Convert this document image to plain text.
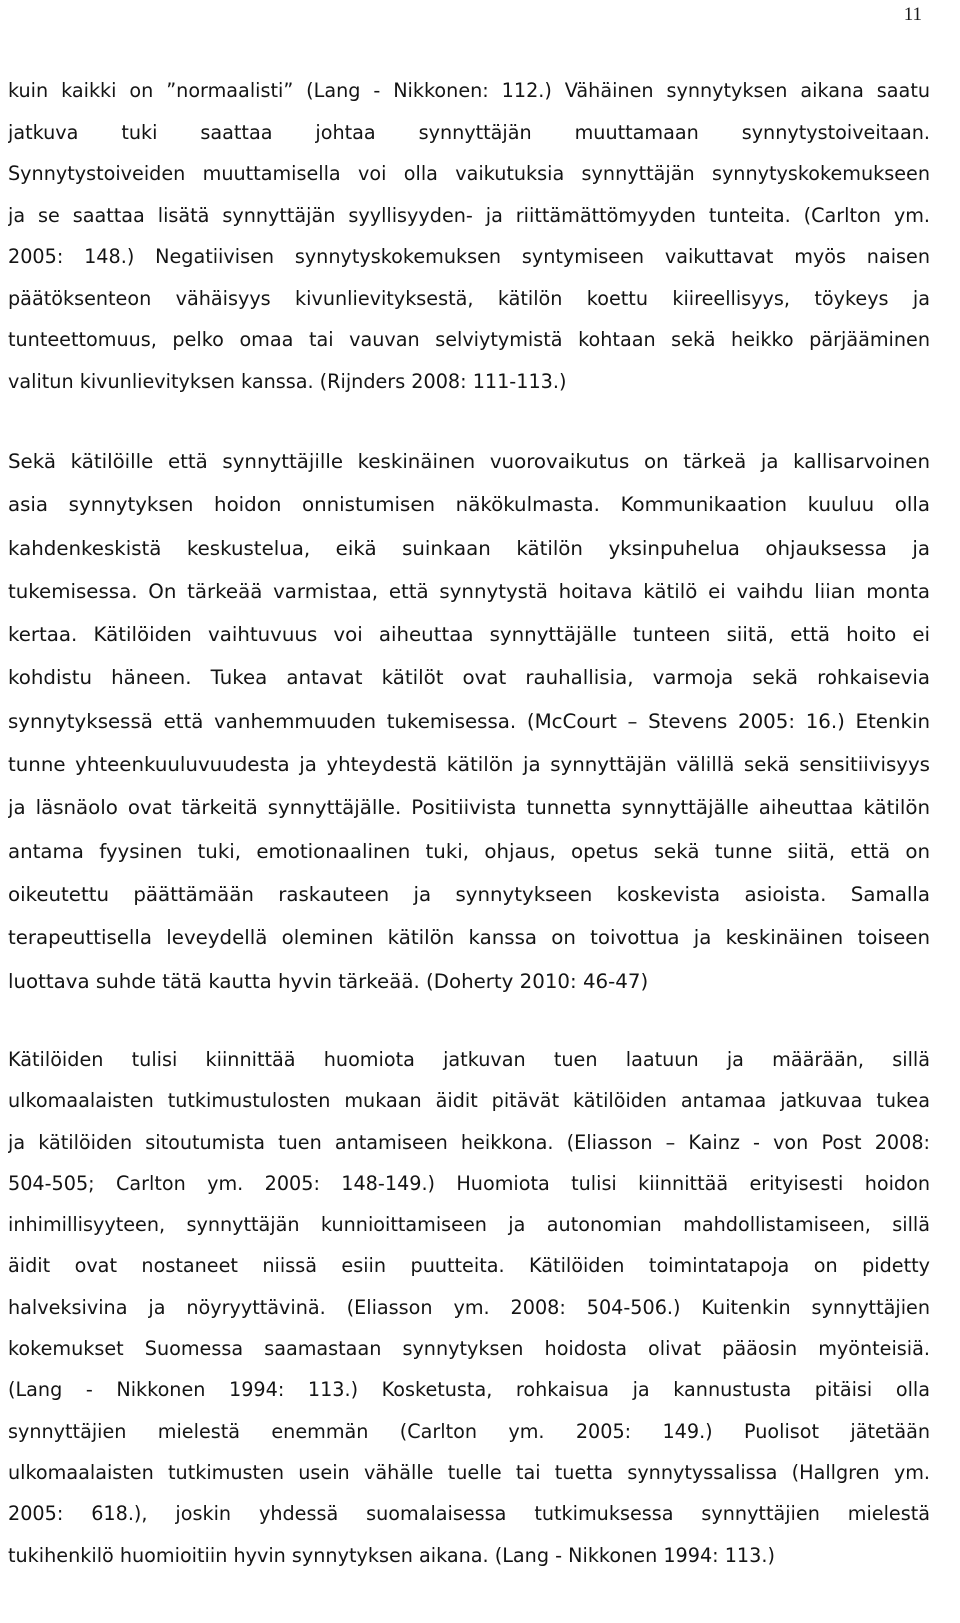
11
kuin kaikki on ”normaalisti” (Lang - Nikkonen: 112.) Vähäinen synnytyksen aikana saatu
jatkuva tuki saattaa johtaa synnyttäjän muuttamaan synnytystoiveitaan.
Synnytystoiveiden muuttamisella voi olla vaikutuksia synnyttäjän synnytyskokemukseen
ja se saattaa lisätä synnyttäjän syyllisyyden- ja riittämättömyyden tunteita. (Carlton ym.
2005: 148.) Negatiivisen synnytyskokemuksen syntymiseen vaikuttavat myös naisen
päätöksenteon vähäisyys kivunlievityksestä, kätilön koettu kiireellisyys, töykeys ja
tunteettomuus, pelko omaa tai vauvan selviytymistä kohtaan sekä heikko pärjääminen
valitun kivunlievityksen kanssa. (Rijnders 2008: 111-113.)
Sekä kätilöille että synnyttäjille keskinäinen vuorovaikutus on tärkeä ja kallisarvoinen
asia synnytyksen hoidon onnistumisen näkökulmasta. Kommunikaation kuuluu olla
kahdenkeskistä keskustelua, eikä suinkaan kätilön yksinpuhelua ohjauksessa ja
tukemisessa. On tärkeää varmistaa, että synnytystä hoitava kätilö ei vaihdu liian monta
kertaa. Kätilöiden vaihtuvuus voi aiheuttaa synnyttäjälle tunteen siitä, että hoito ei
kohdistu häneen. Tukea antavat kätilöt ovat rauhallisia, varmoja sekä rohkaisevia
synnytyksessä että vanhemmuuden tukemisessa. (McCourt – Stevens 2005: 16.) Etenkin
tunne yhteenkuuluvuudesta ja yhteydestä kätilön ja synnyttäjän välillä sekä sensitiivisyys
ja läsnäolo ovat tärkeitä synnyttäjälle. Positiivista tunnetta synnyttäjälle aiheuttaa kätilön
antama fyysinen tuki, emotionaalinen tuki, ohjaus, opetus sekä tunne siitä, että on
oikeutettu päättämään raskauteen ja synnytykseen koskevista asioista. Samalla
terapeuttisella leveydellä oleminen kätilön kanssa on toivottua ja keskinäinen toiseen
luottava suhde tätä kautta hyvin tärkeää. (Doherty 2010: 46-47)
Kätilöiden tulisi kiinnittää huomiota jatkuvan tuen laatuun ja määrään, sillä
ulkomaalaisten tutkimustulosten mukaan äidit pitävät kätilöiden antamaa jatkuvaa tukea
ja kätilöiden sitoutumista tuen antamiseen heikkona. (Eliasson – Kainz - von Post 2008:
504-505; Carlton ym. 2005: 148-149.) Huomiota tulisi kiinnittää erityisesti hoidon
inhimillisyyteen, synnyttäjän kunnioittamiseen ja autonomian mahdollistamiseen, sillä
äidit ovat nostaneet niissä esiin puutteita. Kätilöiden toimintatapoja on pidetty
halveksivina ja nöyryyttävinä. (Eliasson ym. 2008: 504-506.) Kuitenkin synnyttäjien
kokemukset Suomessa saamastaan synnytyksen hoidosta olivat pääosin myönteisiä.
(Lang - Nikkonen 1994: 113.) Kosketusta, rohkaisua ja kannustusta pitäisi olla
synnyttäjien mielestä enemmän (Carlton ym. 2005: 149.) Puolisot jätetään
ulkomaalaisten tutkimusten usein vähälle tuelle tai tuetta synnytyssalissa (Hallgren ym.
2005: 618.), joskin yhdessä suomalaisessa tutkimuksessa synnyttäjien mielestä
tukihenkilö huomioitiin hyvin synnytyksen aikana. (Lang - Nikkonen 1994: 113.)
